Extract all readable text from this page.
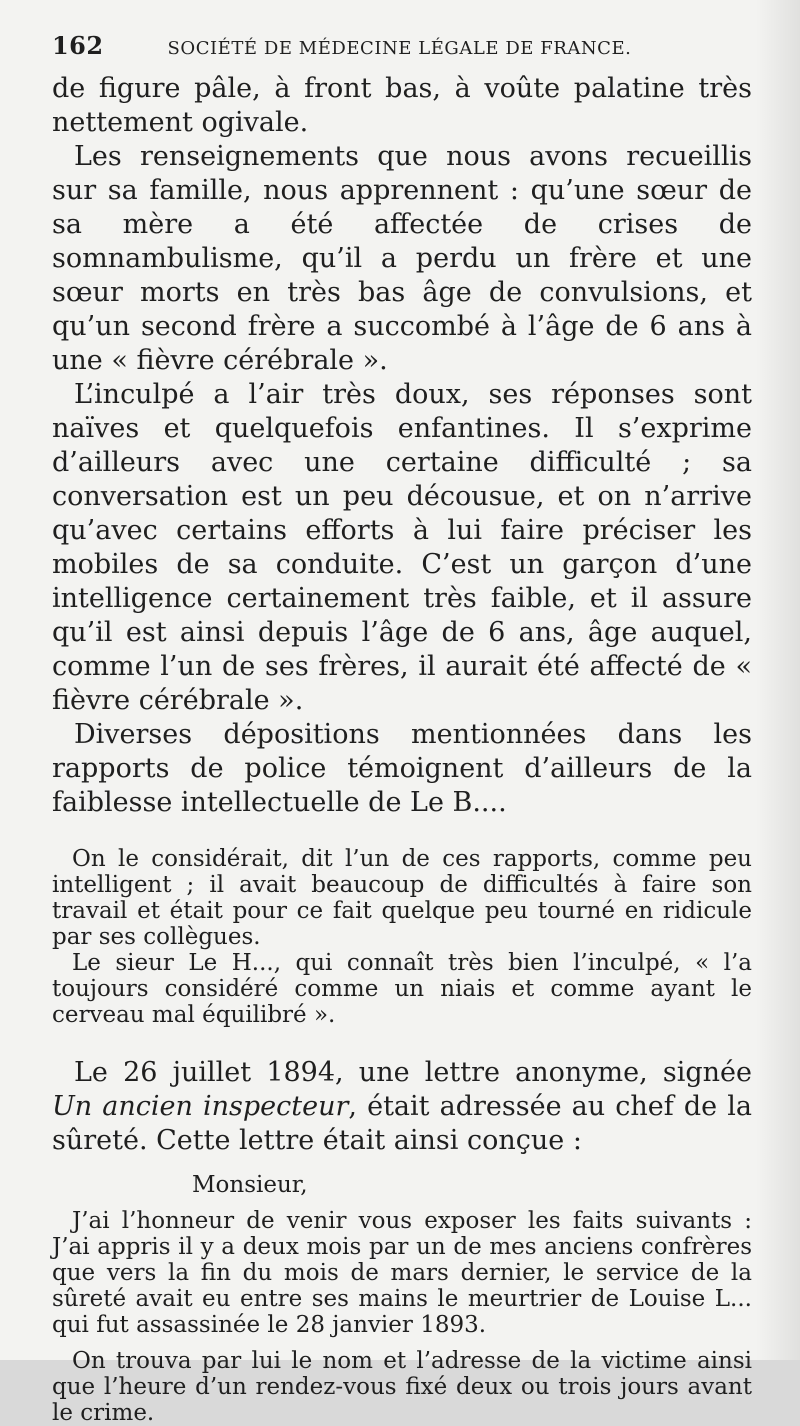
162	SOCIÉTÉ DE MÉDECINE LÉGALE DE FRANCE.

de figure pâle, à front bas, à voûte palatine très nettement ogivale.

Les renseignements que nous avons recueillis sur sa famille, nous apprennent : qu’une sœur de sa mère a été affectée de crises de somnambulisme, qu’il a perdu un frère et une sœur morts en très bas âge de convulsions, et qu’un second frère a succombé à l’âge de 6 ans à une « fièvre cérébrale ».

L’inculpé a l’air très doux, ses réponses sont naïves et quelquefois enfantines. Il s’exprime d’ailleurs avec une certaine difficulté ; sa conversation est un peu décousue, et on n’arrive qu’avec certains efforts à lui faire préciser les mobiles de sa conduite. C’est un garçon d’une intelligence certainement très faible, et il assure qu’il est ainsi depuis l’âge de 6 ans, âge auquel, comme l’un de ses frères, il aurait été affecté de « fièvre cérébrale ».

Diverses dépositions mentionnées dans les rapports de police témoignent d’ailleurs de la faiblesse intellectuelle de Le B....

On le considérait, dit l’un de ces rapports, comme peu intelligent ; il avait beaucoup de difficultés à faire son travail et était pour ce fait quelque peu tourné en ridicule par ses collègues.

Le sieur Le H..., qui connaît très bien l’inculpé, « l’a toujours considéré comme un niais et comme ayant le cerveau mal équilibré ».

Le 26 juillet 1894, une lettre anonyme, signée Un ancien inspecteur, était adressée au chef de la sûreté. Cette lettre était ainsi conçue :

Monsieur,

J’ai l’honneur de venir vous exposer les faits suivants : J’ai appris il y a deux mois par un de mes anciens confrères que vers la fin du mois de mars dernier, le service de la sûreté avait eu entre ses mains le meurtrier de Louise L... qui fut assassinée le 28 janvier 1893.

On trouva par lui le nom et l’adresse de la victime ainsi que l’heure d’un rendez-vous fixé deux ou trois jours avant le crime.
